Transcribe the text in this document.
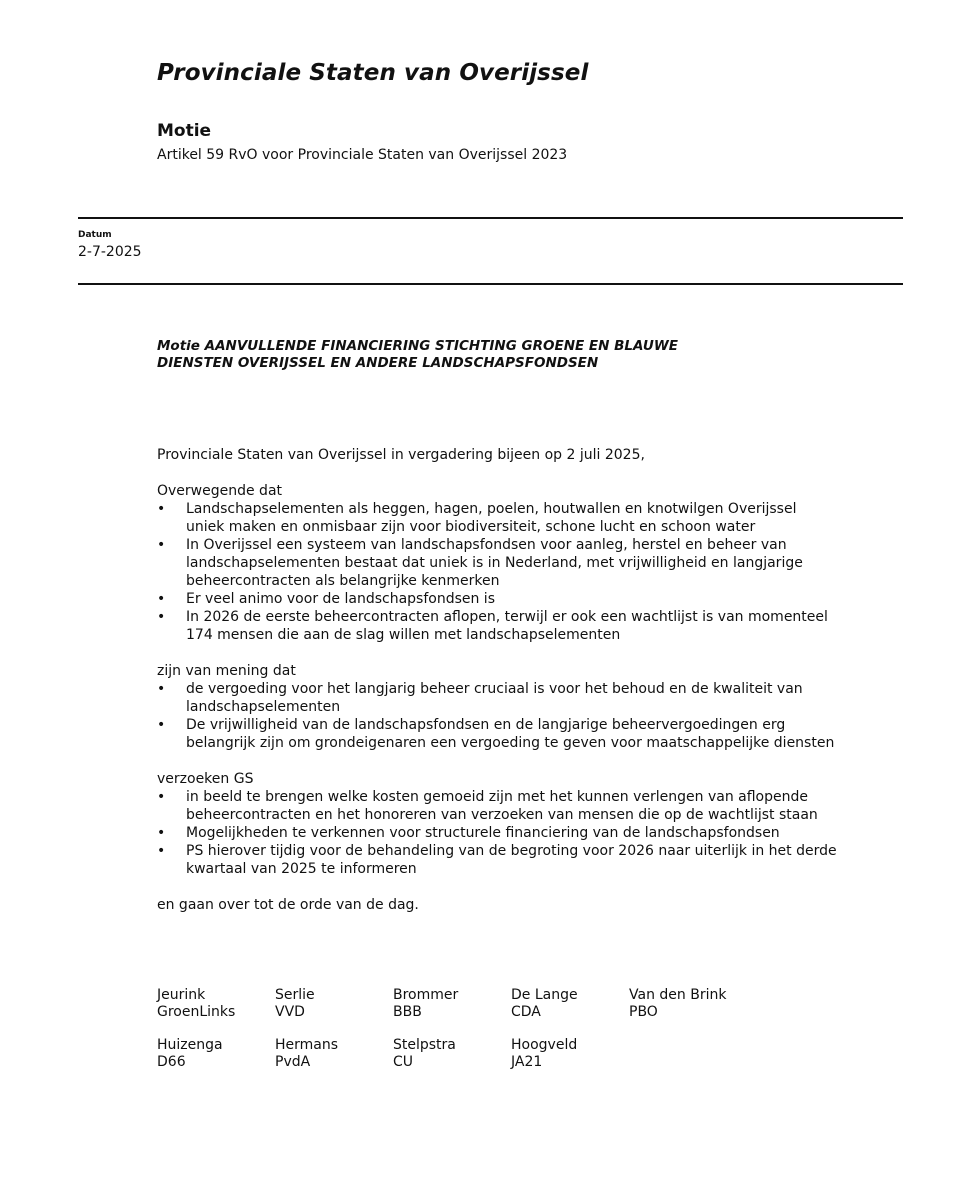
Provinciale Staten van Overijssel
Motie
Artikel 59 RvO voor Provinciale Staten van Overijssel 2023
Datum
2-7-2025
Motie AANVULLENDE FINANCIERING STICHTING GROENE EN BLAUWE
DIENSTEN OVERIJSSEL EN ANDERE LANDSCHAPSFONDSEN

Provinciale Staten van Overijssel in vergadering bijeen op 2 juli 2025,

Overwegende dat

• Landschapselementen als heggen, hagen, poelen, houtwallen en knotwilgen Overijssel uniek maken en onmisbaar zijn voor biodiversiteit, schone lucht en schoon water
• In Overijssel een systeem van landschapsfondsen voor aanleg, herstel en beheer van landschapselementen bestaat dat uniek is in Nederland, met vrijwilligheid en langjarige beheercontracten als belangrijke kenmerken
• Er veel animo voor de landschapsfondsen is
• In 2026 de eerste beheercontracten aflopen, terwijl er ook een wachtlijst is van momenteel 174 mensen die aan de slag willen met landschapselementen

zijn van mening dat

• de vergoeding voor het langjarig beheer cruciaal is voor het behoud en de kwaliteit van landschapselementen
• De vrijwilligheid van de landschapsfondsen en de langjarige beheervergoedingen erg belangrijk zijn om grondeigenaren een vergoeding te geven voor maatschappelijke diensten

verzoeken GS

• in beeld te brengen welke kosten gemoeid zijn met het kunnen verlengen van aflopende beheercontracten en het honoreren van verzoeken van mensen die op de wachtlijst staan
• Mogelijkheden te verkennen voor structurele financiering van de landschapsfondsen
• PS hierover tijdig voor de behandeling van de begroting voor 2026 naar uiterlijk in het derde kwartaal van 2025 te informeren

en gaan over tot de orde van de dag.

Jeurink
GroenLinks
Serlie
VVD
Brommer
BBB
De Lange
CDA
Van den Brink
PBO
Huizenga
D66
Hermans
PvdA
Stelpstra
CU
Hoogveld
JA21
